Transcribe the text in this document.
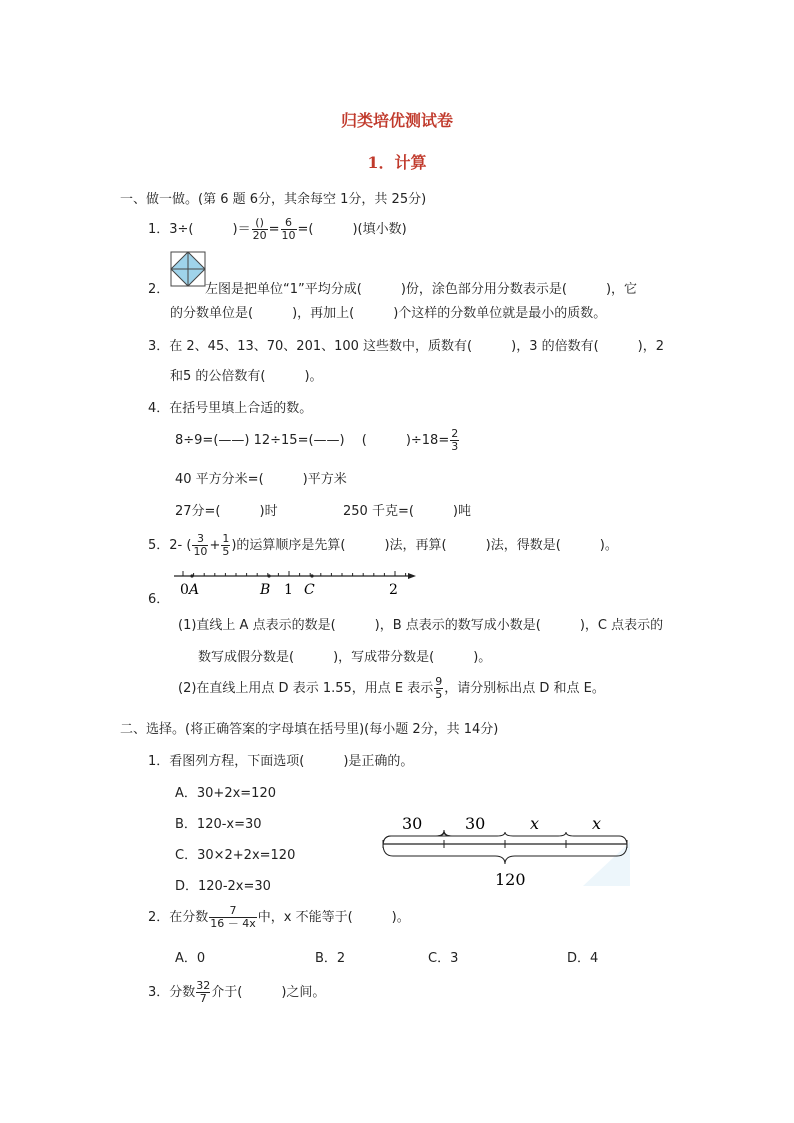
归类培优测试卷
1．计算
一、做一做。(第 6 题 6分，其余每空 1分，共 25分)
1．3÷(　　　)＝ $\frac{()}{20} = \frac{6}{10}$ =(　　　)(填小数)
2．	左图是把单位“1”平均分成(　　　)份，涂色部分用分数表示是(　　　)，它
的分数单位是(　　　)，再加上(　　　)个这样的分数单位就是最小的质数。
3．在 2、45、13、70、201、100 这些数中，质数有(　　　)，3 的倍数有(　　　)，2
和5 的公倍数有(　　　)。
4．在括号里填上合适的数。
8÷9=(——) 12÷15=(——) 　(　　　)$\div 18= \frac{2}{3}$
40 平方分米=(　　　)平方米
27分=(　　　)时	250 千克=(　　　)吨
5．2- ( $\frac{3}{10} + \frac{1}{5}$ )的运算顺序是先算(　　　)法，再算(　　　)法，得数是(　　　)。
6．
0 A	B 1 C	2
(1)直线上 A 点表示的数是(　　　)，B 点表示的数写成小数是(　　　)，C 点表示的
数写成假分数是(　　　)，写成带分数是(　　　)。
(2)在直线上用点 D 表示 1.55，用点 E 表示 $\frac{9}{5}$ ，请分别标出点 D 和点 E。
二、选择。(将正确答案的字母填在括号里)(每小题 2分，共 14分)
1．看图列方程，下面选项(　　　)是正确的。
A．30+2x=120
B．120-x=30
C．30×2+2x=120
D．120-2x=30
30	30	x	x
120
2．在分数 $\frac{7}{16 - 4x}$ 中，x 不能等于(　　　)。
A．0	B．2	C．3	D．4
3．分数 $\frac{32}{7}$ 介于(　　　)之间。
